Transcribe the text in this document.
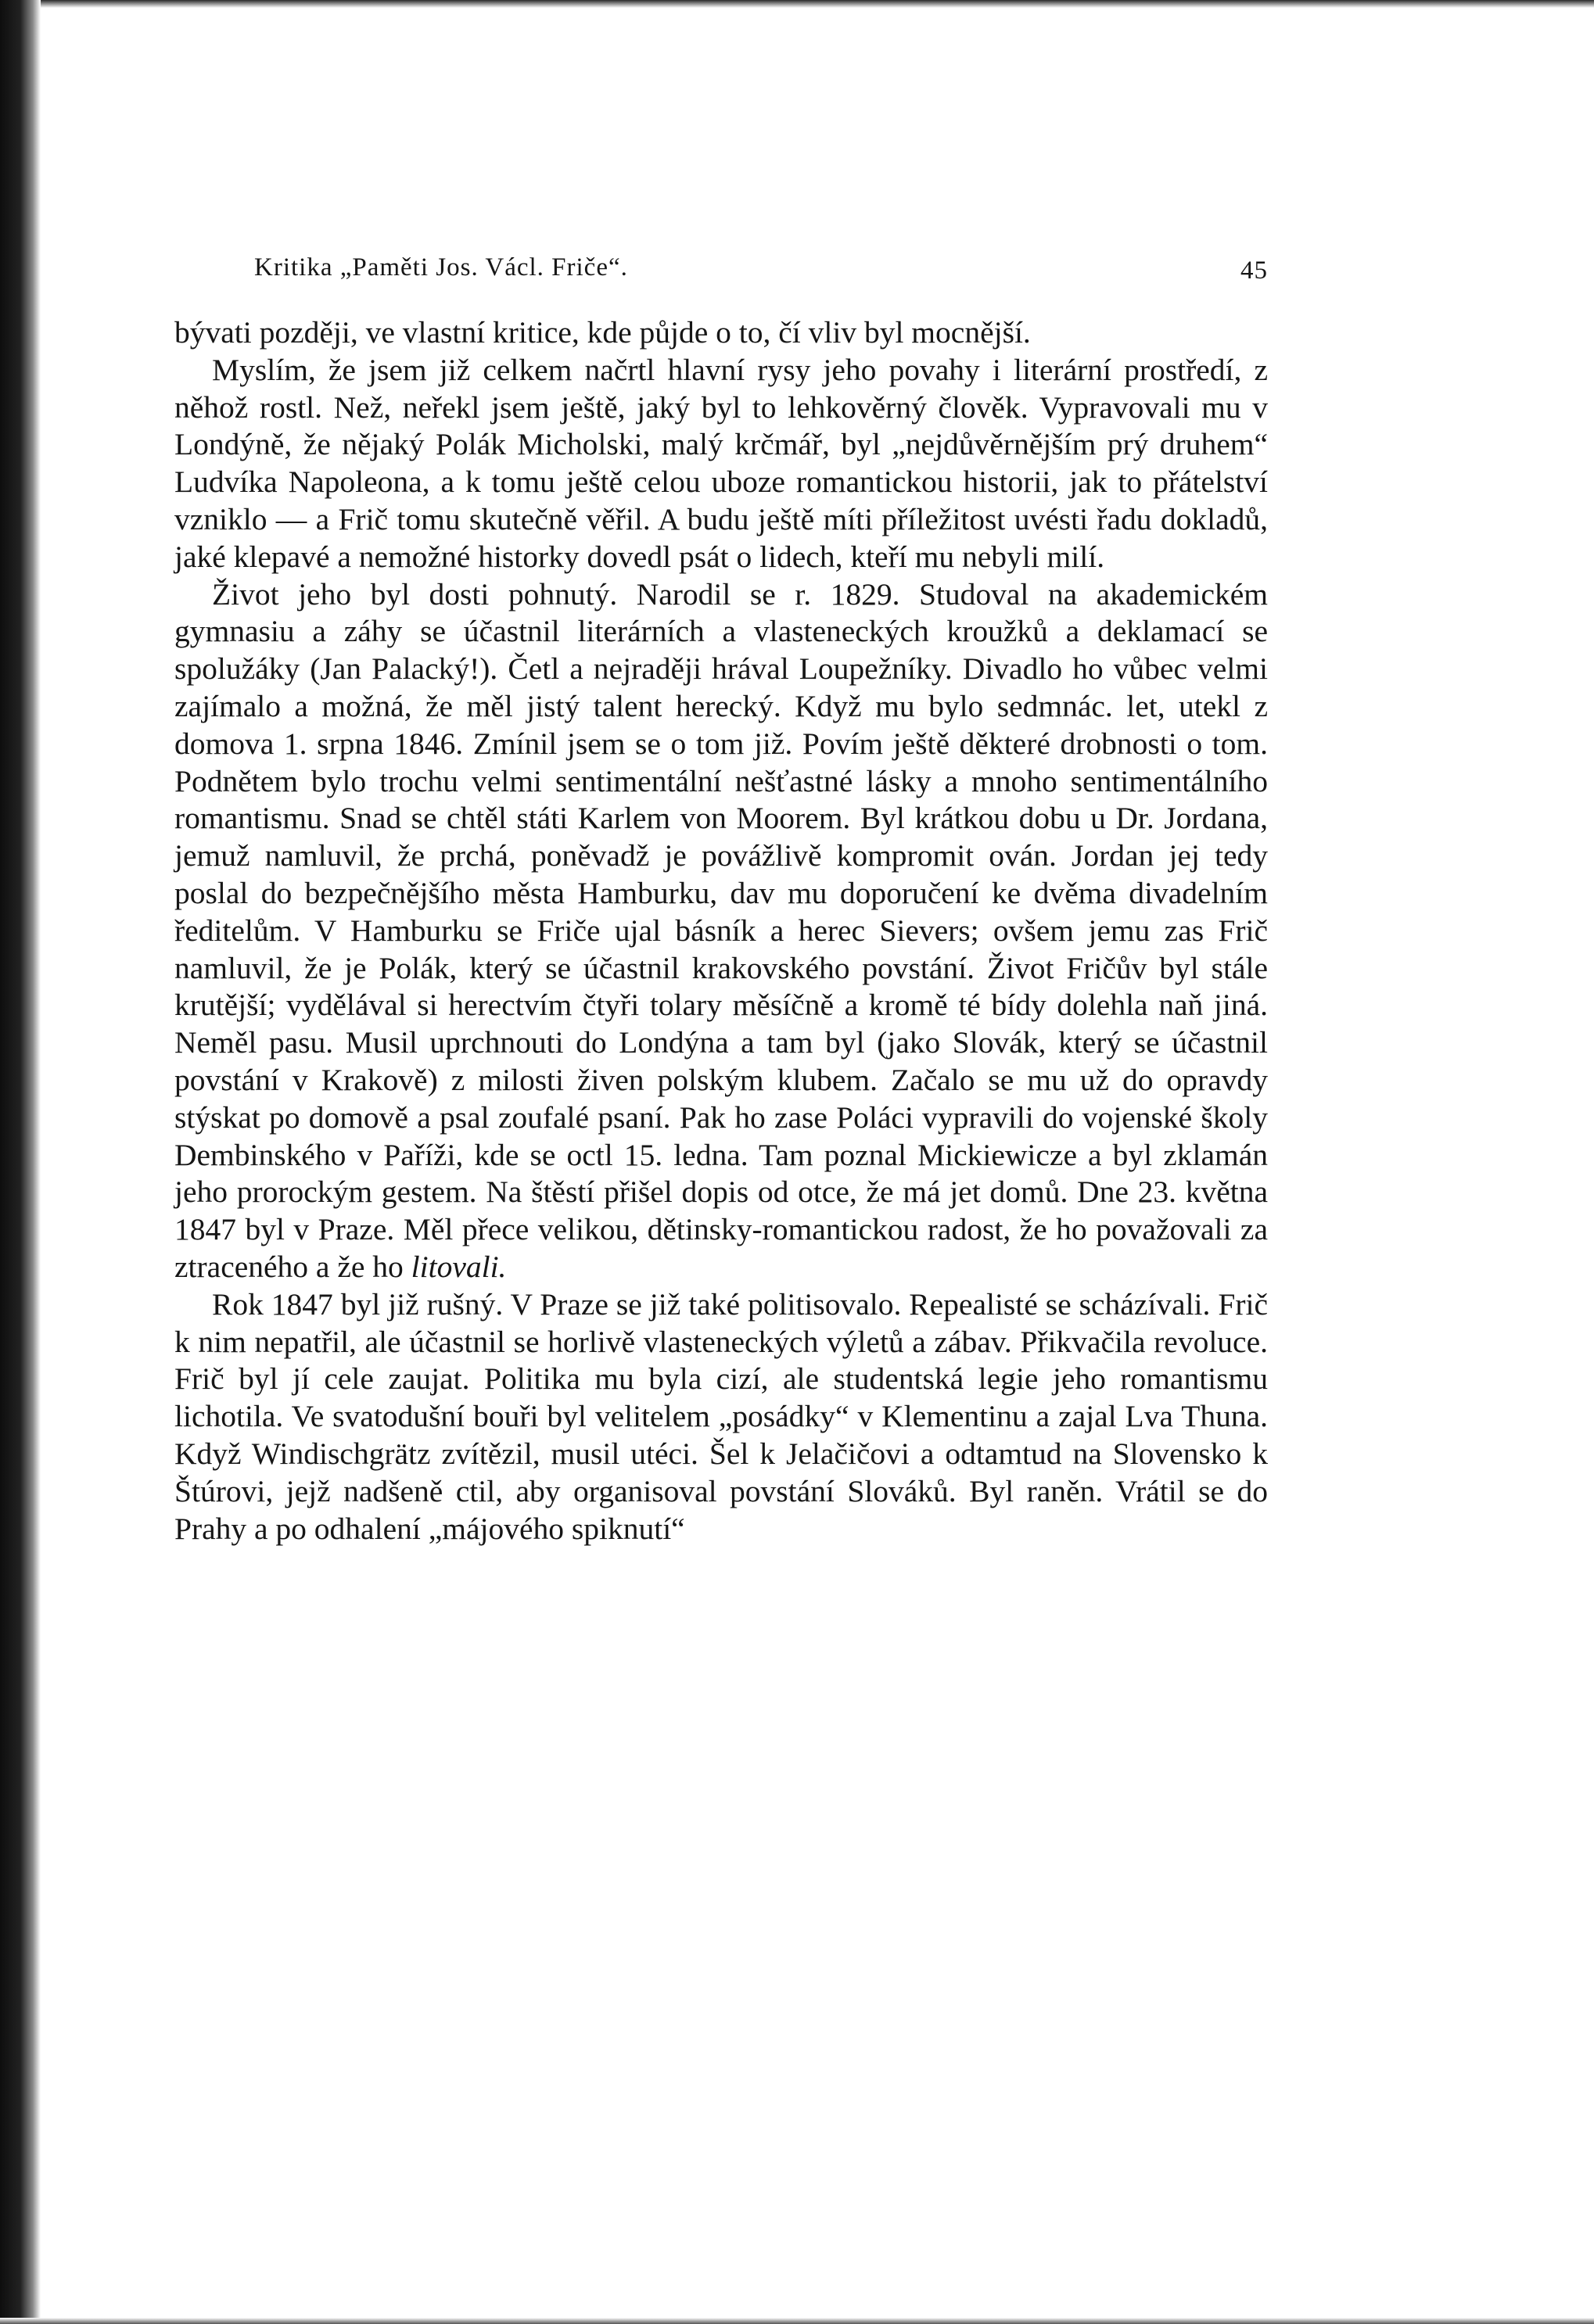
Kritika „Paměti Jos. Václ. Friče“.	45

bývati později, ve vlastní kritice, kde půjde o to, čí vliv byl mocnější.

Myslím, že jsem již celkem načrtl hlavní rysy jeho povahy i literární prostředí, z něhož rostl. Než, neřekl jsem ještě, jaký byl to lehkověrný člověk. Vypravovali mu v Londýně, že nějaký Polák Micholski, malý krčmář, byl „nejdůvěrnějším prý druhem“ Ludvíka Napoleona, a k tomu ještě celou uboze romantickou historii, jak to přátelství vzniklo — a Frič tomu skutečně věřil. A budu ještě míti příležitost uvésti řadu dokladů, jaké klepavé a nemožné historky dovedl psát o lidech, kteří mu nebyli milí.

Život jeho byl dosti pohnutý. Narodil se r. 1829. Studoval na akademickém gymnasiu a záhy se účastnil literárních a vlasteneckých kroužků a deklamací se spolužáky (Jan Palacký!). Četl a nejraději hrával Loupežníky. Divadlo ho vůbec velmi zajímalo a možná, že měl jistý talent herecký. Když mu bylo sedmnác. let, utekl z domova 1. srpna 1846. Zmínil jsem se o tom již. Povím ještě děkteré drobnosti o tom. Podnětem bylo trochu velmi sentimentální nešťastné lásky a mnoho sentimentálního romantismu. Snad se chtěl státi Karlem von Moorem. Byl krátkou dobu u Dr. Jordana, jemuž namluvil, že prchá, poněvadž je povážlivě kompromit ován. Jordan jej tedy poslal do bezpečnějšího města Hamburku, dav mu doporučení ke dvěma divadelním ředitelům. V Hamburku se Friče ujal básník a herec Sievers; ovšem jemu zas Frič namluvil, že je Polák, který se účastnil krakovského povstání. Život Fričův byl stále krutější; vydělával si herectvím čtyři tolary měsíčně a kromě té bídy dolehla naň jiná. Neměl pasu. Musil uprchnouti do Londýna a tam byl (jako Slovák, který se účastnil povstání v Krakově) z milosti živen polským klubem. Začalo se mu už do opravdy stýskat po domově a psal zoufalé psaní. Pak ho zase Poláci vypravili do vojenské školy Dembinského v Paříži, kde se octl 15. ledna. Tam poznal Mickiewicze a byl zklamán jeho prorockým gestem. Na štěstí přišel dopis od otce, že má jet domů. Dne 23. května 1847 byl v Praze. Měl přece velikou, dětinsky-romantickou radost, že ho považovali za ztraceného a že ho litovali.

Rok 1847 byl již rušný. V Praze se již také politisovalo. Repealisté se scházívali. Frič k nim nepatřil, ale účastnil se horlivě vlasteneckých výletů a zábav. Přikvačila revoluce. Frič byl jí cele zaujat. Politika mu byla cizí, ale studentská legie jeho romantismu lichotila. Ve svatodušní bouři byl velitelem „posádky“ v Klementinu a zajal Lva Thuna. Když Windischgrätz zvítězil, musil utéci. Šel k Jelačičovi a odtamtud na Slovensko k Štúrovi, jejž nadšeně ctil, aby organisoval povstání Slováků. Byl raněn. Vrátil se do Prahy a po odhalení „májového spiknutí“
